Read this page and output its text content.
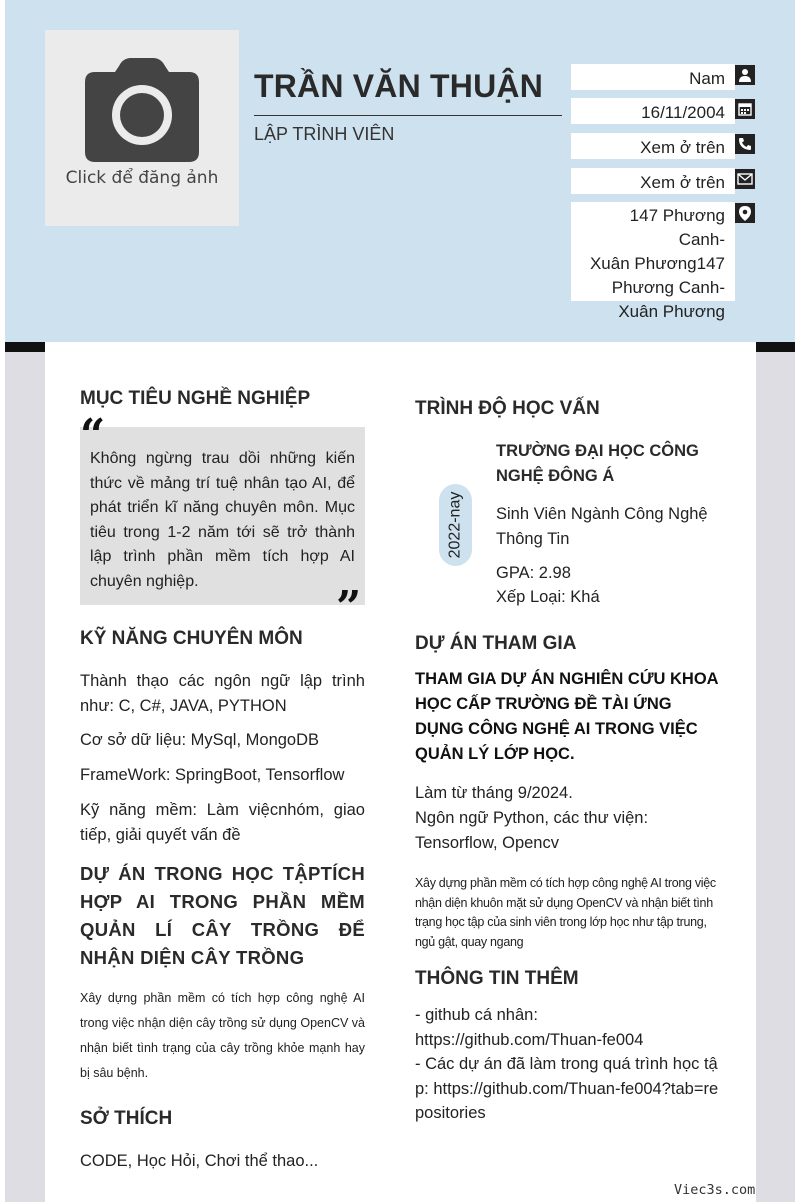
Click để đăng ảnh
TRẦN VĂN THUẬN
LẬP TRÌNH VIÊN
Nam
16/11/2004
Xem ở trên
Xem ở trên
147 Phương Canh-
Xuân Phương147
Phương Canh-
Xuân Phương
MỤC TIÊU NGHỀ NGHIỆP
Không ngừng trau dồi những kiến thức về mảng trí tuệ nhân tạo AI, để phát triển kĩ năng chuyên môn. Mục tiêu trong 1-2 năm tới sẽ trở thành lập trình phần mềm tích hợp AI chuyên nghiệp.
“
”
KỸ NĂNG CHUYÊN MÔN
Thành thạo các ngôn ngữ lập trình như: C, C#, JAVA, PYTHON
Cơ sở dữ liệu: MySql, MongoDB
FrameWork: SpringBoot, Tensorflow
Kỹ năng mềm: Làm việcnhóm, giao tiếp, giải quyết vấn đề
DỰ ÁN TRONG HỌC TẬPTÍCH HỢP AI TRONG PHẦN MỀM QUẢN LÍ CÂY TRỒNG ĐỂ NHẬN DIỆN CÂY TRỒNG
Xây dựng phần mềm có tích hợp công nghệ AI trong việc nhận diện cây trồng sử dụng OpenCV và nhận biết tình trạng của cây trồng khỏe mạnh hay bị sâu bệnh.
SỞ THÍCH
CODE, Học Hỏi, Chơi thể thao...
TRÌNH ĐỘ HỌC VẤN
2022-nay
TRƯỜNG ĐẠI HỌC CÔNG NGHỆ ĐÔNG Á
Sinh Viên Ngành Công Nghệ Thông Tin
GPA: 2.98
Xếp Loại: Khá
DỰ ÁN THAM GIA
THAM GIA DỰ ÁN NGHIÊN CỨU KHOA HỌC CẤP TRƯỜNG ĐỀ TÀI ỨNG DỤNG CÔNG NGHỆ AI TRONG VIỆC QUẢN LÝ LỚP HỌC.
Làm từ tháng 9/2024.
Ngôn ngữ Python, các thư viện: Tensorflow, Opencv
Xây dựng phần mềm có tích hợp công nghệ AI trong việc nhận diện khuôn mặt sử dụng OpenCV và nhận biết tình trạng học tập của sinh viên trong lớp học như tập trung, ngủ gật, quay ngang
THÔNG TIN THÊM
- github cá nhân: https://github.com/Thuan-fe004
- Các dự án đã làm trong quá trình học tập: https://github.com/Thuan-fe004?tab=repositories
Viec3s.com
